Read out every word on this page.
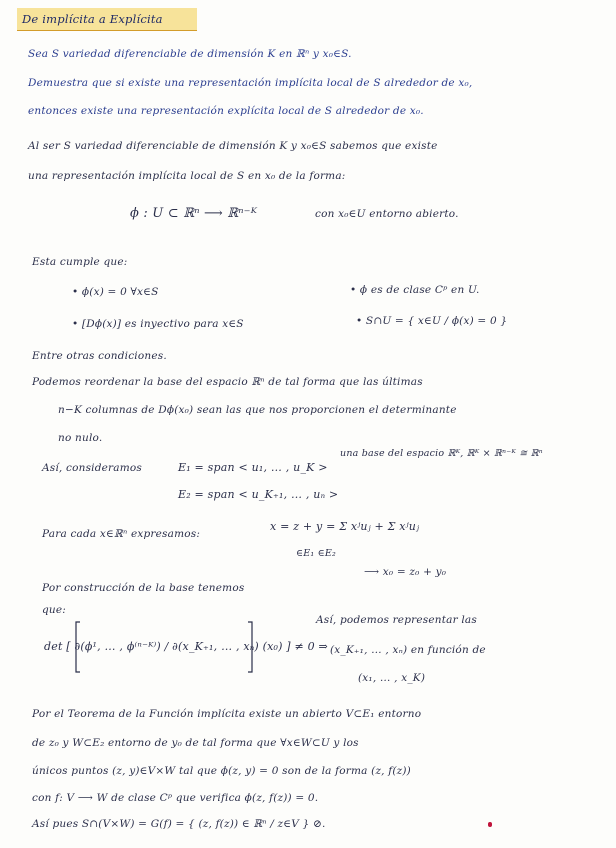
De implícita a Explícita
Sea S variedad diferenciable de dimensión K en ℝⁿ y x₀∈S.
Demuestra que si existe una representación implícita local de S alrededor de x₀,
entonces existe una representación explícita local de S alrededor de x₀.
Al ser S variedad diferenciable de dimensión K y x₀∈S sabemos que existe
una representación implícita local de S en x₀ de la forma:
ϕ : U ⊂ ℝⁿ ⟶ ℝⁿ⁻ᴷ	con x₀∈U entorno abierto.
Esta cumple que:
• ϕ(x) = 0 ∀x∈S	• ϕ es de clase Cᵖ en U.
• [Dϕ(x)] es inyectivo para x∈S	• S∩U = { x∈U / ϕ(x) = 0 }
Entre otras condiciones.
Podemos reordenar la base del espacio ℝⁿ de tal forma que las últimas
n−K columnas de Dϕ(x₀) sean las que nos proporcionen el determinante
no nulo.
Así, consideramos	E₁ = span < u₁, … , u_K >
una base del espacio ℝᴷ, ℝᴷ × ℝⁿ⁻ᴷ ≅ ℝⁿ
E₂ = span < u_K₊₁, … , uₙ >
Para cada x∈ℝⁿ expresamos:
x = z + y = Σ xʲuⱼ + Σ xʲuⱼ
∈E₁ ∈E₂
⟶ x₀ = z₀ + y₀
Por construcción de la base tenemos
que:
det [ ∂(ϕ¹, … , ϕ⁽ⁿ⁻ᴷ⁾) / ∂(x_K₊₁, … , xₙ) (x₀) ] ≠ 0 ⇒
Así, podemos representar las
(x_K₊₁, … , xₙ) en función de
(x₁, … , x_K)
Por el Teorema de la Función implícita existe un abierto V⊂E₁ entorno
de z₀ y W⊂E₂ entorno de y₀ de tal forma que ∀x∈W⊂U y los
únicos puntos (z, y)∈V×W tal que ϕ(z, y) = 0 son de la forma (z, f(z))
con f: V ⟶ W de clase Cᵖ que verifica ϕ(z, f(z)) = 0.
Así pues S∩(V×W) = G(f) = { (z, f(z)) ∈ ℝⁿ / z∈V } ⊘.
